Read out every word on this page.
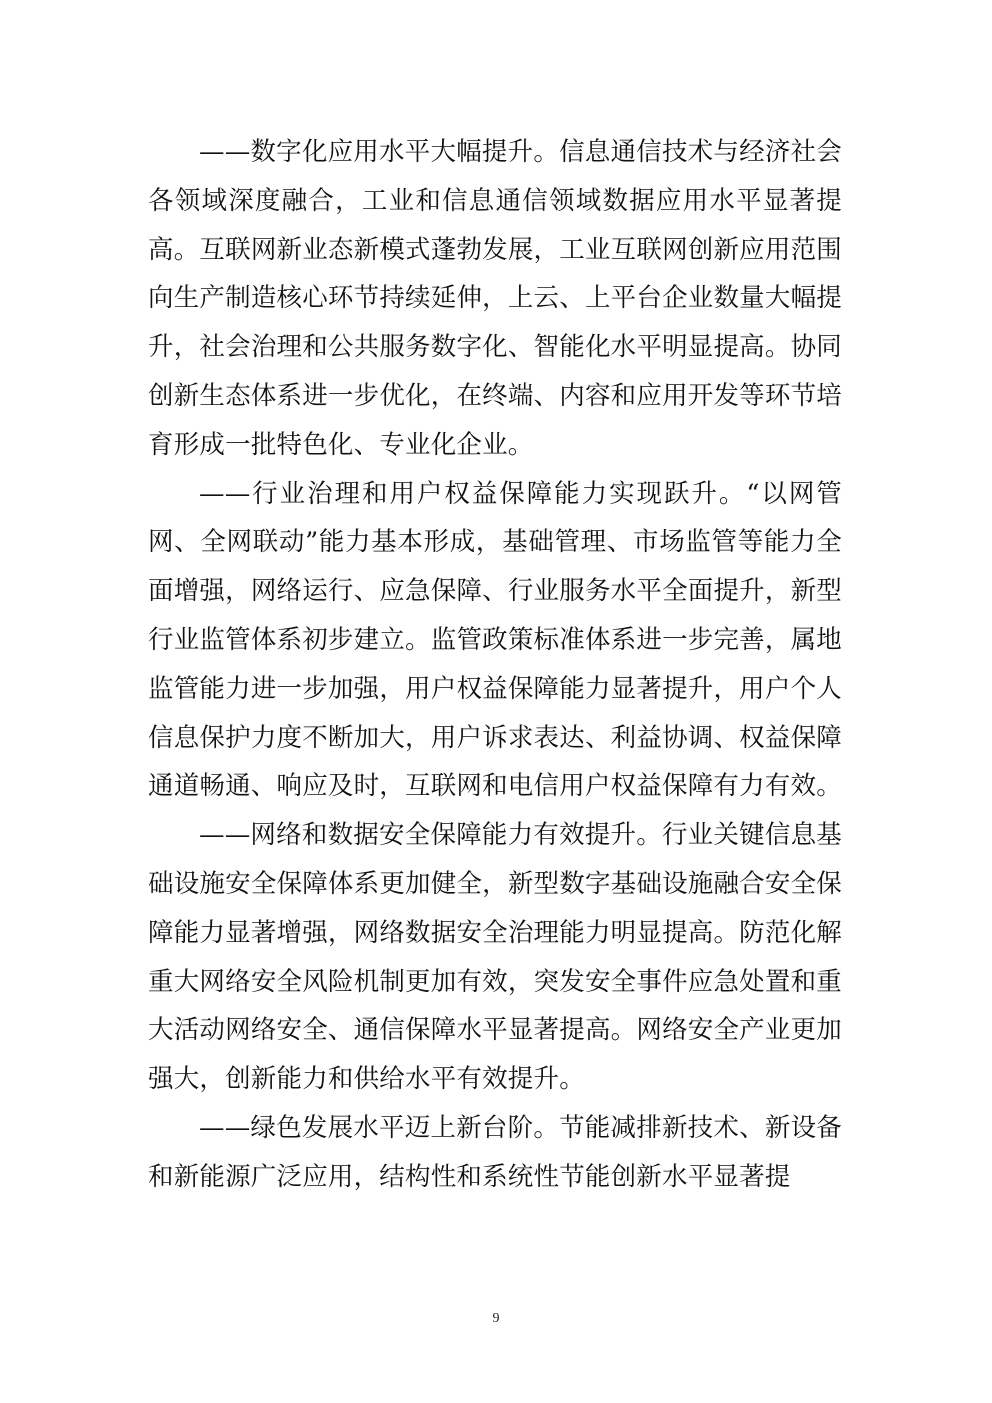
——数字化应用水平大幅提升。信息通信技术与经济社会各领域深度融合，工业和信息通信领域数据应用水平显著提高。互联网新业态新模式蓬勃发展，工业互联网创新应用范围向生产制造核心环节持续延伸，上云、上平台企业数量大幅提升，社会治理和公共服务数字化、智能化水平明显提高。协同创新生态体系进一步优化，在终端、内容和应用开发等环节培育形成一批特色化、专业化企业。

——行业治理和用户权益保障能力实现跃升。“以网管网、全网联动”能力基本形成，基础管理、市场监管等能力全面增强，网络运行、应急保障、行业服务水平全面提升，新型行业监管体系初步建立。监管政策标准体系进一步完善，属地监管能力进一步加强，用户权益保障能力显著提升，用户个人信息保护力度不断加大，用户诉求表达、利益协调、权益保障通道畅通、响应及时，互联网和电信用户权益保障有力有效。

——网络和数据安全保障能力有效提升。行业关键信息基础设施安全保障体系更加健全，新型数字基础设施融合安全保障能力显著增强，网络数据安全治理能力明显提高。防范化解重大网络安全风险机制更加有效，突发安全事件应急处置和重大活动网络安全、通信保障水平显著提高。网络安全产业更加强大，创新能力和供给水平有效提升。

——绿色发展水平迈上新台阶。节能减排新技术、新设备和新能源广泛应用，结构性和系统性节能创新水平显著提

9
